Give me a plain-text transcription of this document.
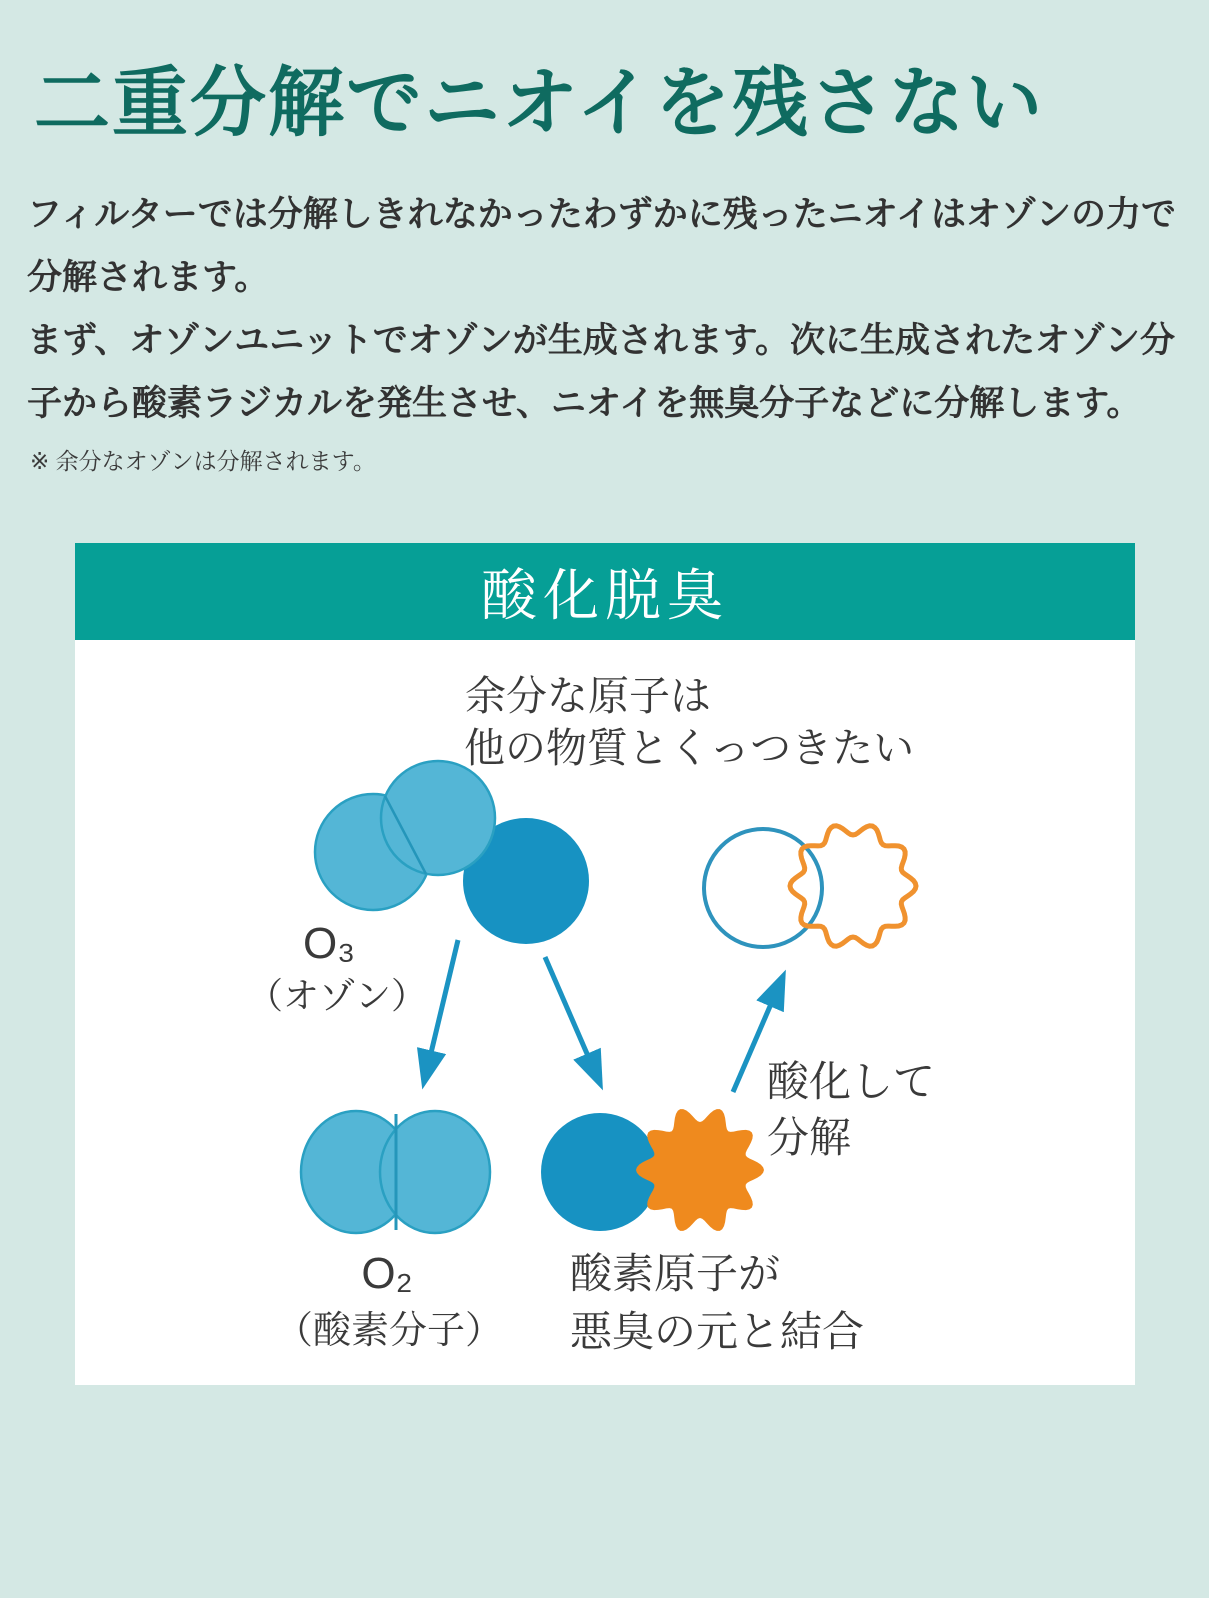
二重分解でニオイを残さない

フィルターでは分解しきれなかったわずかに残ったニオイはオゾンの力で分解されます。

まず、オゾンユニットでオゾンが生成されます。次に生成されたオゾン分子から酸素ラジカルを発生させ、ニオイを無臭分子などに分解します。

※ 余分なオゾンは分解されます。

酸化脱臭
余分な原子は
他の物質とくっつきたい
O₃
（オゾン）
O₂
（酸素分子）
酸素原子が
悪臭の元と結合
酸化して
分解
